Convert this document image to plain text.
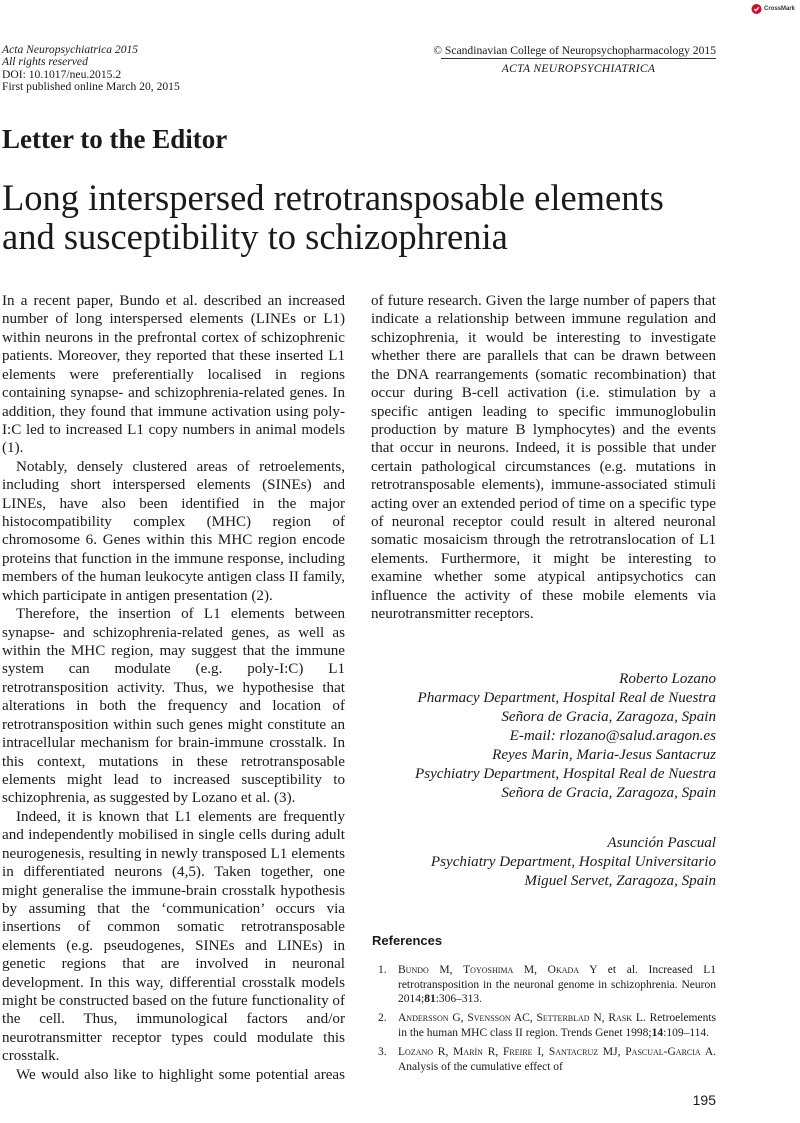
CrossMark
Acta Neuropsychiatrica 2015
All rights reserved
DOI: 10.1017/neu.2015.2
First published online March 20, 2015
© Scandinavian College of Neuropsychopharmacology 2015
ACTA NEUROPSYCHIATRICA
Letter to the Editor
Long interspersed retrotransposable elements
and susceptibility to schizophrenia

In a recent paper, Bundo et al. described an increased number of long interspersed elements (LINEs or L1) within neurons in the prefrontal cortex of schizophrenic patients. Moreover, they reported that these inserted L1 elements were preferentially localised in regions containing synapse- and schizophrenia-related genes. In addition, they found that immune activation using poly-I:C led to increased L1 copy numbers in animal models (1).

Notably, densely clustered areas of retroelements, including short interspersed elements (SINEs) and LINEs, have also been identified in the major histocompatibility complex (MHC) region of chromosome 6. Genes within this MHC region encode proteins that function in the immune response, including members of the human leukocyte antigen class II family, which participate in antigen presentation (2).

Therefore, the insertion of L1 elements between synapse- and schizophrenia-related genes, as well as within the MHC region, may suggest that the immune system can modulate (e.g. poly-I:C) L1 retrotransposition activity. Thus, we hypothesise that alterations in both the frequency and location of retrotransposition within such genes might constitute an intracellular mechanism for brain-immune crosstalk. In this context, mutations in these retrotransposable elements might lead to increased susceptibility to schizophrenia, as suggested by Lozano et al. (3).

Indeed, it is known that L1 elements are frequently and independently mobilised in single cells during adult neurogenesis, resulting in newly transposed L1 elements in differentiated neurons (4,5). Taken together, one might generalise the immune-brain crosstalk hypothesis by assuming that the ‘communication’ occurs via insertions of common somatic retrotransposable elements (e.g. pseudogenes, SINEs and LINEs) in genetic regions that are involved in neuronal development. In this way, differential crosstalk models might be constructed based on the future functionality of the cell. Thus, immunological factors and/or neurotransmitter receptor types could modulate this crosstalk.

We would also like to highlight some potential areas

of future research. Given the large number of papers that indicate a relationship between immune regulation and schizophrenia, it would be interesting to investigate whether there are parallels that can be drawn between the DNA rearrangements (somatic recombination) that occur during B-cell activation (i.e. stimulation by a specific antigen leading to specific immunoglobulin production by mature B lymphocytes) and the events that occur in neurons. Indeed, it is possible that under certain pathological circumstances (e.g. mutations in retrotransposable elements), immune-associated stimuli acting over an extended period of time on a specific type of neuronal receptor could result in altered neuronal somatic mosaicism through the retrotranslocation of L1 elements. Furthermore, it might be interesting to examine whether some atypical antipsychotics can influence the activity of these mobile elements via neurotransmitter receptors.

Roberto Lozano
Pharmacy Department, Hospital Real de Nuestra
Señora de Gracia, Zaragoza, Spain
E-mail: rlozano@salud.aragon.es
Reyes Marin, Maria-Jesus Santacruz
Psychiatry Department, Hospital Real de Nuestra
Señora de Gracia, Zaragoza, Spain
Asunción Pascual
Psychiatry Department, Hospital Universitario
Miguel Servet, Zaragoza, Spain
References
1. Bundo M, Toyoshima M, Okada Y et al. Increased L1 retrotransposition in the neuronal genome in schizophrenia. Neuron 2014;81:306–313.
2. Andersson G, Svensson AC, Setterblad N, Rask L. Retroelements in the human MHC class II region. Trends Genet 1998;14:109–114.
3. Lozano R, Marín R, Freire I, Santacruz MJ, Pascual-Garcia A. Analysis of the cumulative effect of
195
